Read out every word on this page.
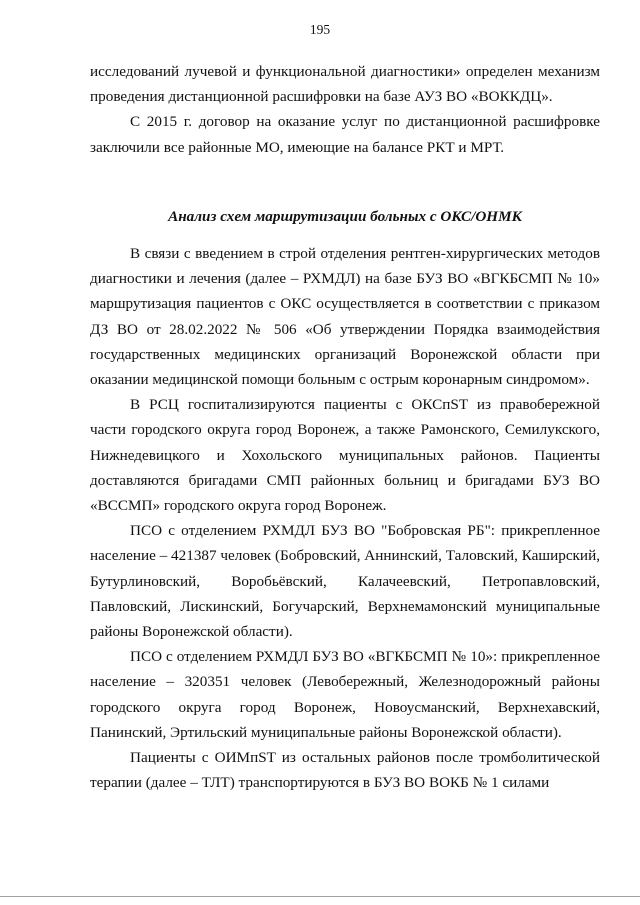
195

исследований лучевой и функциональной диагностики» определен механизм проведения дистанционной расшифровки на базе АУЗ ВО «ВОККДЦ».

С 2015 г. договор на оказание услуг по дистанционной расшифровке заключили все районные МО, имеющие на балансе РКТ и МРТ.

Анализ схем маршрутизации больных с ОКС/ОНМК

В связи с введением в строй отделения рентген-хирургических методов диагностики и лечения (далее – РХМДЛ) на базе БУЗ ВО «ВГКБСМП № 10» маршрутизация пациентов с ОКС осуществляется в соответствии с приказом ДЗ ВО от 28.02.2022 № 506 «Об утверждении Порядка взаимодействия государственных медицинских организаций Воронежской области при оказании медицинской помощи больным с острым коронарным синдромом».

В РСЦ госпитализируются пациенты с ОКСпST из правобережной части городского округа город Воронеж, а также Рамонского, Семилукского, Нижнедевицкого и Хохольского муниципальных районов. Пациенты доставляются бригадами СМП районных больниц и бригадами БУЗ ВО «ВССМП» городского округа город Воронеж.

ПСО с отделением РХМДЛ БУЗ ВО "Бобровская РБ": прикрепленное население – 421387 человек (Бобровский, Аннинский, Таловский, Каширский, Бутурлиновский, Воробьёвский, Калачеевский, Петропавловский, Павловский, Лискинский, Богучарский, Верхнемамонский муниципальные районы Воронежской области).

ПСО с отделением РХМДЛ БУЗ ВО «ВГКБСМП № 10»: прикрепленное население – 320351 человек (Левобережный, Железнодорожный районы городского округа город Воронеж, Новоусманский, Верхнехавский, Панинский, Эртильский муниципальные районы Воронежской области).

Пациенты с ОИМпST из остальных районов после тромболитической терапии (далее – ТЛТ) транспортируются в БУЗ ВО ВОКБ № 1 силами
